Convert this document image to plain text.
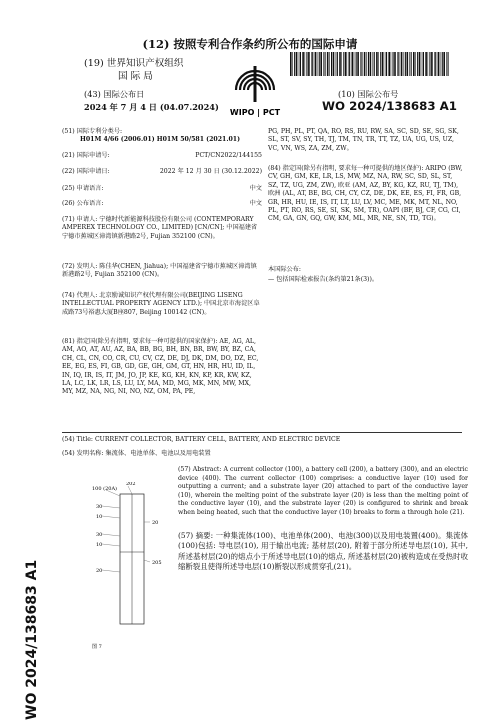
(12) 按照专利合作条约所公布的国际申请
(19) 世界知识产权组织
国 际 局
(43) 国际公布日
2024 年 7 月 4 日 (04.07.2024)
WIPO | PCT
(10) 国际公布号
WO 2024/138683 A1
WO 2024/138683 A1
(51) 国际专利分类号:
H01M 4/66 (2006.01) H01M 50/581 (2021.01)
(21) 国际申请号:	PCT/CN2022/144155
(22) 国际申请日:	2022 年 12 月 30 日 (30.12.2022)
(25) 申请语言:	中文
(26) 公布语言:	中文
(71) 申请人: 宁德时代新能源科技股份有限公司 (CONTEMPORARY AMPEREX TECHNOLOGY CO., LIMITED) [CN/CN]; 中国福建省宁德市蕉城区漳湾镇新港路2号, Fujian 352100 (CN)。
(72) 发明人: 陈佳华(CHEN, Jiahua); 中国福建省宁德市蕉城区漳湾镇新港路2号, Fujian 352100 (CN)。
(74) 代理人: 北京励诚知识产权代理有限公司(BEIJING LISENG INTELLECTUAL PROPERTY AGENCY LTD.); 中国北京市海淀区阜成路73号裕惠大厦B座807, Beijing 100142 (CN)。
(81) 指定国(除另有指明, 要求每一种可提供的国家保护): AE, AG, AL, AM, AO, AT, AU, AZ, BA, BB, BG, BH, BN, BR, BW, BY, BZ, CA, CH, CL, CN, CO, CR, CU, CV, CZ, DE, DJ, DK, DM, DO, DZ, EC, EE, EG, ES, FI, GB, GD, GE, GH, GM, GT, HN, HR, HU, ID, IL, IN, IQ, IR, IS, IT, JM, JO, JP, KE, KG, KH, KN, KP, KR, KW, KZ, LA, LC, LK, LR, LS, LU, LY, MA, MD, MG, MK, MN, MW, MX, MY, MZ, NA, NG, NI, NO, NZ, OM, PA, PE,
PG, PH, PL, PT, QA, RO, RS, RU, RW, SA, SC, SD, SE, SG, SK, SL, ST, SV, SY, TH, TJ, TM, TN, TR, TT, TZ, UA, UG, US, UZ, VC, VN, WS, ZA, ZM, ZW。
(84) 指定国(除另有指明, 要求每一种可提供的地区保护): ARIPO (BW, CV, GH, GM, KE, LR, LS, MW, MZ, NA, RW, SC, SD, SL, ST, SZ, TZ, UG, ZM, ZW), 欧亚 (AM, AZ, BY, KG, KZ, RU, TJ, TM), 欧洲 (AL, AT, BE, BG, CH, CY, CZ, DE, DK, EE, ES, FI, FR, GB, GR, HR, HU, IE, IS, IT, LT, LU, LV, MC, ME, MK, MT, NL, NO, PL, PT, RO, RS, SE, SI, SK, SM, TR), OAPI (BF, BJ, CF, CG, CI, CM, GA, GN, GQ, GW, KM, ML, MR, NE, SN, TD, TG)。
本国际公布:
— 包括国际检索报告(条约第21条(3))。
(54) Title: CURRENT COLLECTOR, BATTERY CELL, BATTERY, AND ELECTRIC DEVICE
(54) 发明名称: 集流体、电池单体、电池以及用电装置
100 (20A)
202
30
10
20
30
10
205
20
图 7
(57) Abstract: A current collector (100), a battery cell (200), a battery (300), and an electric device (400). The current collector (100) comprises: a conductive layer (10) used for outputting a current; and a substrate layer (20) attached to part of the conductive layer (10), wherein the melting point of the substrate layer (20) is less than the melting point of the conductive layer (10), and the substrate layer (20) is configured to shrink and break when being heated, such that the conductive layer (10) breaks to form a through hole (21).
(57) 摘要: 一种集流体(100)、电池单体(200)、电池(300)以及用电装置(400)。集流体(100)包括: 导电层(10), 用于输出电流; 基材层(20), 附着于部分所述导电层(10), 其中, 所述基材层(20)的熔点小于所述导电层(10)的熔点, 所述基材层(20)被构造成在受热时收缩断裂且使得所述导电层(10)断裂以形成贯穿孔(21)。
